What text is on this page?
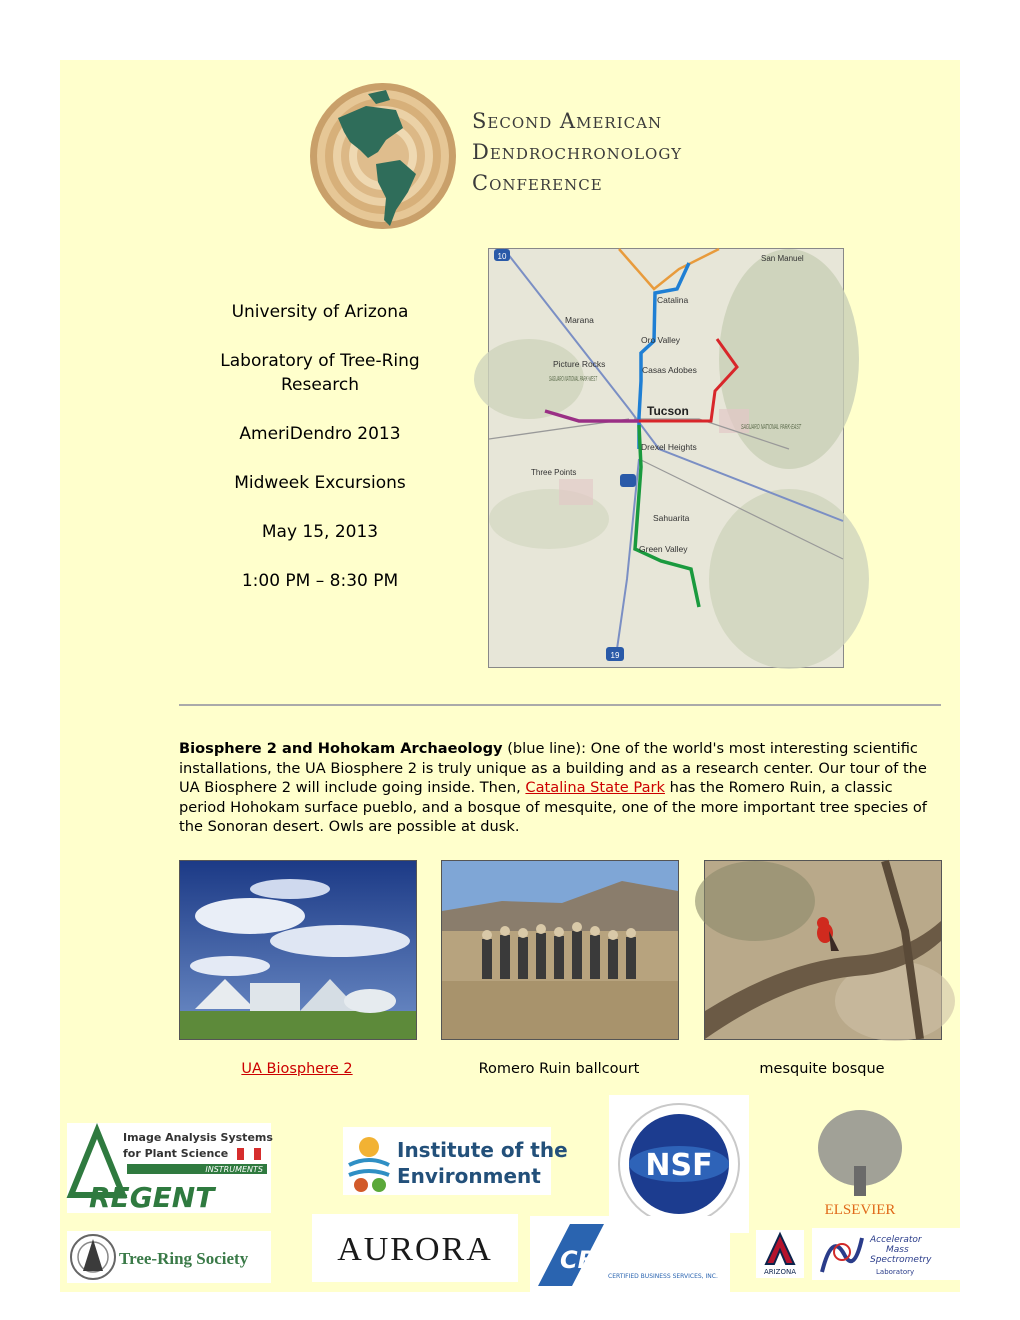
Second American
Dendrochronology
Conference

University of Arizona

Laboratory of Tree-Ring Research

AmeriDendro 2013

Midweek Excursions

May 15, 2013

1:00 PM – 8:30 PM

10
19
San Manuel
Catalina
Marana
Oro Valley
Picture Rocks
Casas Adobes
SAGUARO NATIONAL PARK-WEST
Tucson
SAGUARO NATIONAL PARK-EAST
Drexel Heights
Three Points
Sahuarita
Green Valley
Biosphere 2 and Hohokam Archaeology (blue line): One of the world's most interesting scientific installations, the UA Biosphere 2 is truly unique as a building and as a research center. Our tour of the UA Biosphere 2 will include going inside. Then, Catalina State Park has the Romero Ruin, a classic period Hohokam surface pueblo, and a bosque of mesquite, one of the more important tree species of the Sonoran desert. Owls are possible at dusk.
UA Biosphere 2	Romero Ruin ballcourt	mesquite bosque
Image Analysis Systems
for Plant Science
INSTRUMENTS
REGENT
Institute of the
Environment	NSF
ELSEVIER
Tree-Ring Society	AURORA	CBS
CERTIFIED BUSINESS SERVICES, INC.
ARIZONA
Accelerator
Mass
Spectrometry
Laboratory
